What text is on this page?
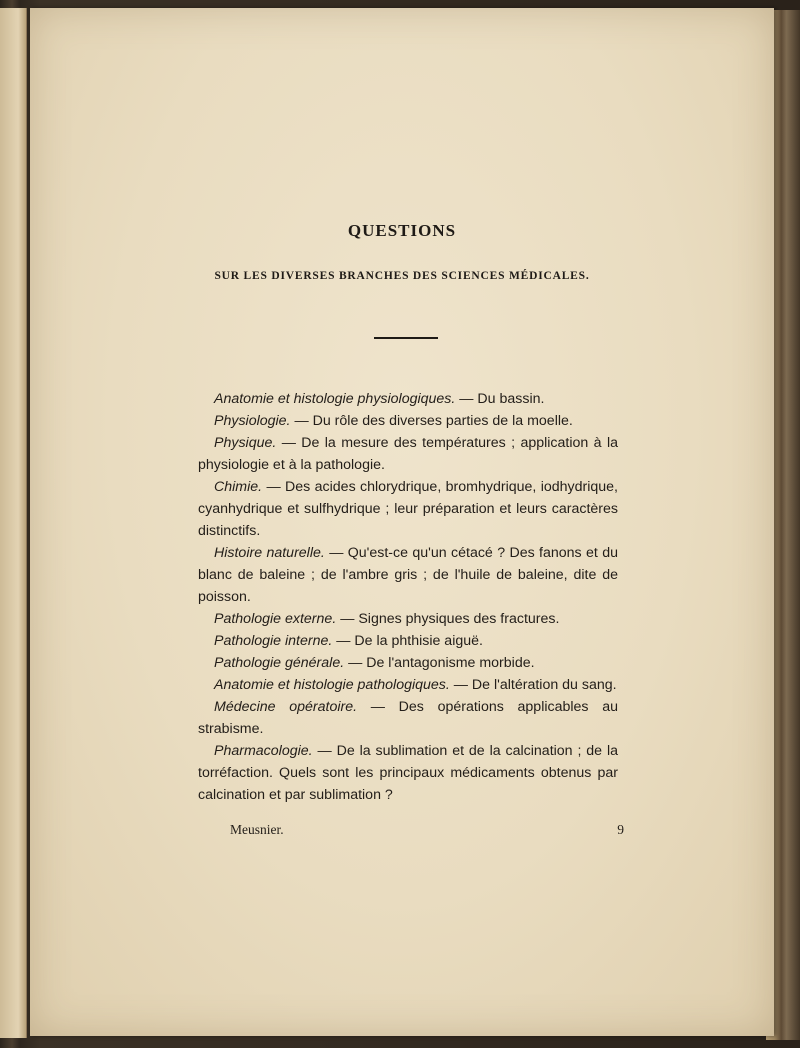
QUESTIONS
SUR LES DIVERSES BRANCHES DES SCIENCES MÉDICALES.
Anatomie et histologie physiologiques. — Du bassin.
Physiologie. — Du rôle des diverses parties de la moelle.
Physique. — De la mesure des températures ; application à la physiologie et à la pathologie.
Chimie. — Des acides chlorydrique, bromhydrique, iodhydrique, cyanhydrique et sulfhydrique ; leur préparation et leurs caractères distinctifs.
Histoire naturelle. — Qu'est-ce qu'un cétacé ? Des fanons et du blanc de baleine ; de l'ambre gris ; de l'huile de baleine, dite de poisson.
Pathologie externe. — Signes physiques des fractures.
Pathologie interne. — De la phthisie aiguë.
Pathologie générale. — De l'antagonisme morbide.
Anatomie et histologie pathologiques. — De l'altération du sang.
Médecine opératoire. — Des opérations applicables au strabisme.
Pharmacologie. — De la sublimation et de la calcination ; de la torréfaction. Quels sont les principaux médicaments obtenus par calcination et par sublimation ?
Meusnier.	9
